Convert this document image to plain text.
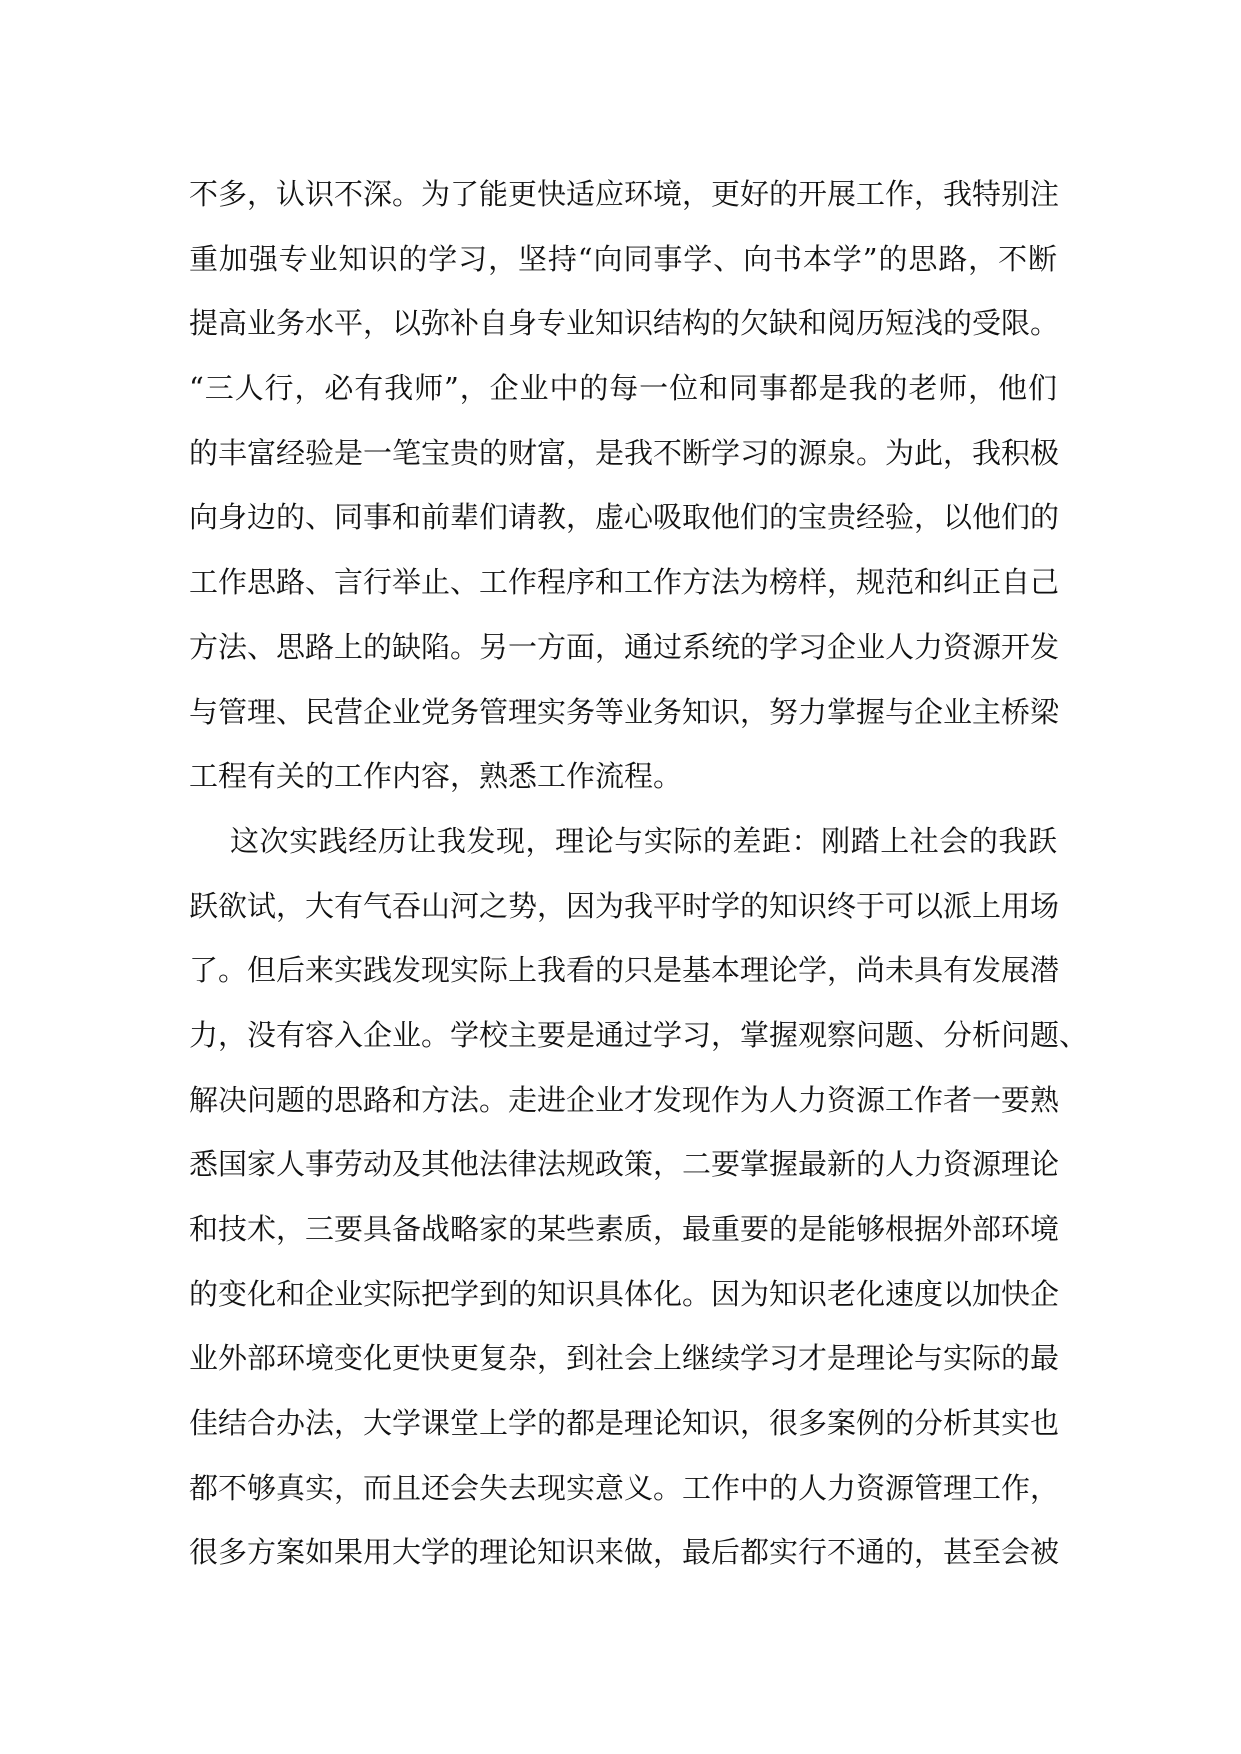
不多，认识不深。为了能更快适应环境，更好的开展工作，我特别注
重加强专业知识的学习，坚持“向同事学、向书本学”的思路，不断
提高业务水平，以弥补自身专业知识结构的欠缺和阅历短浅的受限。
“三人行，必有我师”，企业中的每一位和同事都是我的老师，他们
的丰富经验是一笔宝贵的财富，是我不断学习的源泉。为此，我积极
向身边的、同事和前辈们请教，虚心吸取他们的宝贵经验，以他们的
工作思路、言行举止、工作程序和工作方法为榜样，规范和纠正自己
方法、思路上的缺陷。另一方面，通过系统的学习企业人力资源开发
与管理、民营企业党务管理实务等业务知识，努力掌握与企业主桥梁
工程有关的工作内容，熟悉工作流程。
这次实践经历让我发现，理论与实际的差距：刚踏上社会的我跃
跃欲试，大有气吞山河之势，因为我平时学的知识终于可以派上用场
了。但后来实践发现实际上我看的只是基本理论学，尚未具有发展潜
力，没有容入企业。学校主要是通过学习，掌握观察问题、分析问题、
解决问题的思路和方法。走进企业才发现作为人力资源工作者一要熟
悉国家人事劳动及其他法律法规政策，二要掌握最新的人力资源理论
和技术，三要具备战略家的某些素质，最重要的是能够根据外部环境
的变化和企业实际把学到的知识具体化。因为知识老化速度以加快企
业外部环境变化更快更复杂，到社会上继续学习才是理论与实际的最
佳结合办法，大学课堂上学的都是理论知识，很多案例的分析其实也
都不够真实，而且还会失去现实意义。工作中的人力资源管理工作，
很多方案如果用大学的理论知识来做，最后都实行不通的，甚至会被
